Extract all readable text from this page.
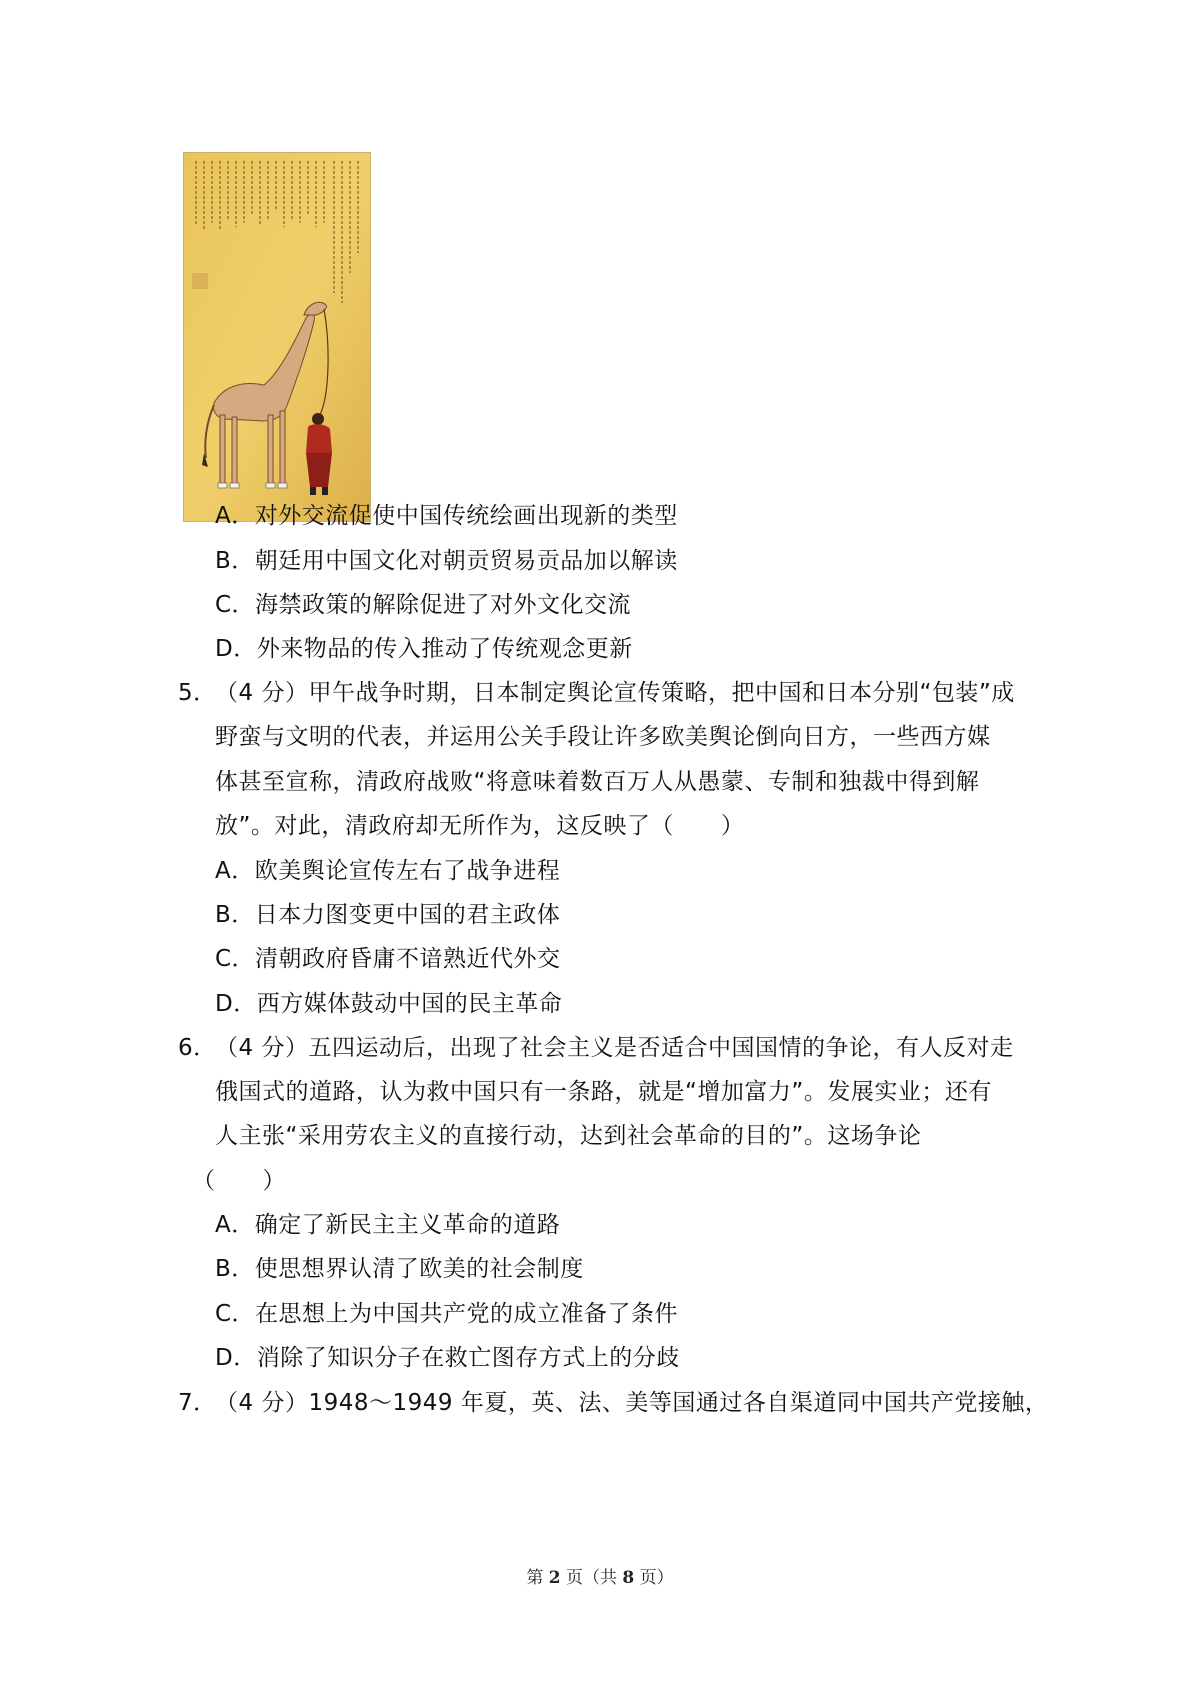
A．对外交流促使中国传统绘画出现新的类型
B．朝廷用中国文化对朝贡贸易贡品加以解读
C．海禁政策的解除促进了对外文化交流
D．外来物品的传入推动了传统观念更新
5．
（4 分）甲午战争时期，日本制定舆论宣传策略，把中国和日本分别“包装”成
野蛮与文明的代表，并运用公关手段让许多欧美舆论倒向日方，一些西方媒
体甚至宣称，清政府战败“将意味着数百万人从愚蒙、专制和独裁中得到解
放”。对此，清政府却无所作为，这反映了（　　）
A．欧美舆论宣传左右了战争进程
B．日本力图变更中国的君主政体
C．清朝政府昏庸不谙熟近代外交
D．西方媒体鼓动中国的民主革命
6．
（4 分）五四运动后，出现了社会主义是否适合中国国情的争论，有人反对走
俄国式的道路，认为救中国只有一条路，就是“增加富力”。发展实业；还有
人主张“采用劳农主义的直接行动，达到社会革命的目的”。这场争论
（　　）
A．确定了新民主主义革命的道路
B．使思想界认清了欧美的社会制度
C．在思想上为中国共产党的成立准备了条件
D．消除了知识分子在救亡图存方式上的分歧
7．
（4 分）1948～1949 年夏，英、法、美等国通过各自渠道同中国共产党接触，
第 2 页（共 8 页）
